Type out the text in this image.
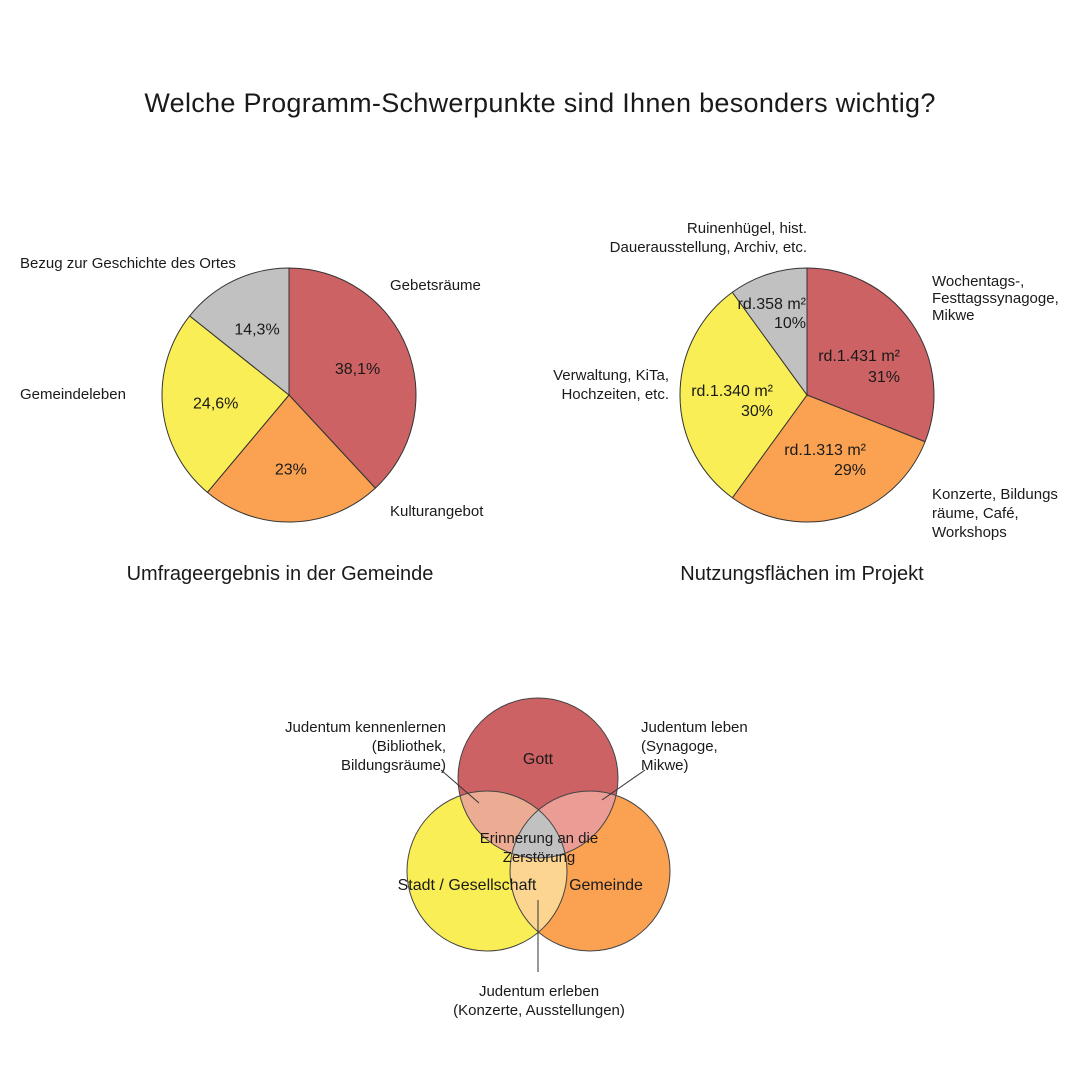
Welche Programm-Schwerpunkte sind Ihnen besonders wichtig?
38,1%
23%
24,6%
14,3%
Gebetsräume
Kulturangebot
Gemeindeleben
Bezug zur Geschichte des Ortes
Umfrageergebnis in der Gemeinde
rd.1.431 m²
31%
rd.1.313 m²
29%
rd.1.340 m²
30%
rd.358 m²
10%
Wochentags-,
Festtagssynagoge,
Mikwe
Konzerte, Bildungs
räume, Café,
Workshops
Verwaltung, KiTa,
Hochzeiten, etc.
Ruinenhügel, hist.
Dauerausstellung, Archiv, etc.
Nutzungsflächen im Projekt
Gott
Stadt / Gesellschaft Gemeinde
Erinnerung an die
Zerstörung
Judentum kennenlernen
(Bibliothek,
Bildungsräume)
Judentum leben
(Synagoge,
Mikwe)
Judentum erleben
(Konzerte, Ausstellungen)
